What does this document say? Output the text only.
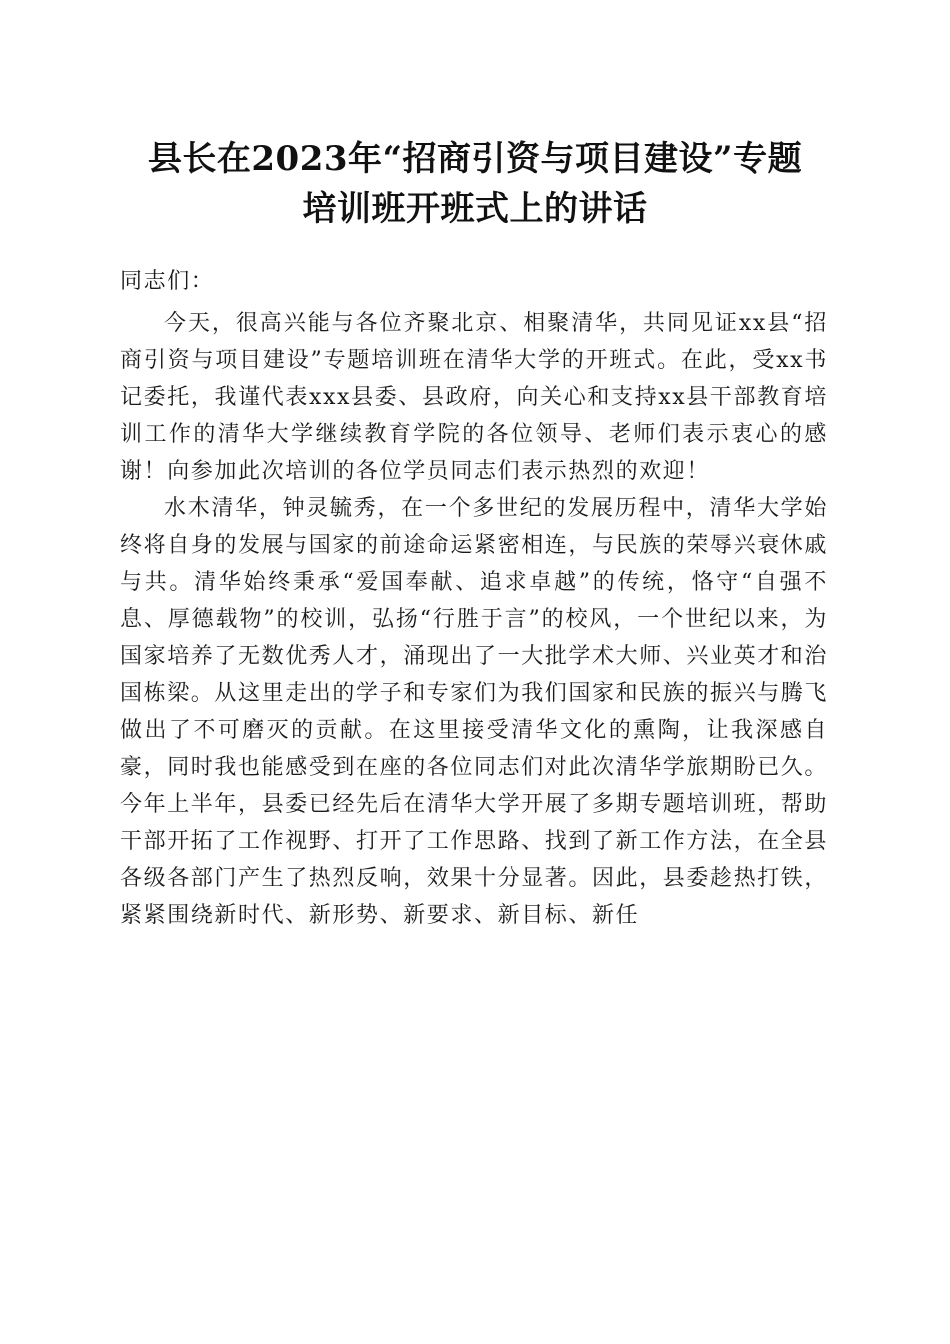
县长在2023年“招商引资与项目建设”专题
培训班开班式上的讲话

同志们：

今天，很高兴能与各位齐聚北京、相聚清华，共同见证xx县“招商引资与项目建设”专题培训班在清华大学的开班式。在此，受xx书记委托，我谨代表xxx县委、县政府，向关心和支持xx县干部教育培训工作的清华大学继续教育学院的各位领导、老师们表示衷心的感谢！向参加此次培训的各位学员同志们表示热烈的欢迎！

水木清华，钟灵毓秀，在一个多世纪的发展历程中，清华大学始终将自身的发展与国家的前途命运紧密相连，与民族的荣辱兴衰休戚与共。清华始终秉承“爱国奉献、追求卓越”的传统，恪守“自强不息、厚德载物”的校训，弘扬“行胜于言”的校风，一个世纪以来，为国家培养了无数优秀人才，涌现出了一大批学术大师、兴业英才和治国栋梁。从这里走出的学子和专家们为我们国家和民族的振兴与腾飞做出了不可磨灭的贡献。在这里接受清华文化的熏陶，让我深感自豪，同时我也能感受到在座的各位同志们对此次清华学旅期盼已久。今年上半年，县委已经先后在清华大学开展了多期专题培训班，帮助干部开拓了工作视野、打开了工作思路、找到了新工作方法，在全县各级各部门产生了热烈反响，效果十分显著。因此，县委趁热打铁，紧紧围绕新时代、新形势、新要求、新目标、新任
